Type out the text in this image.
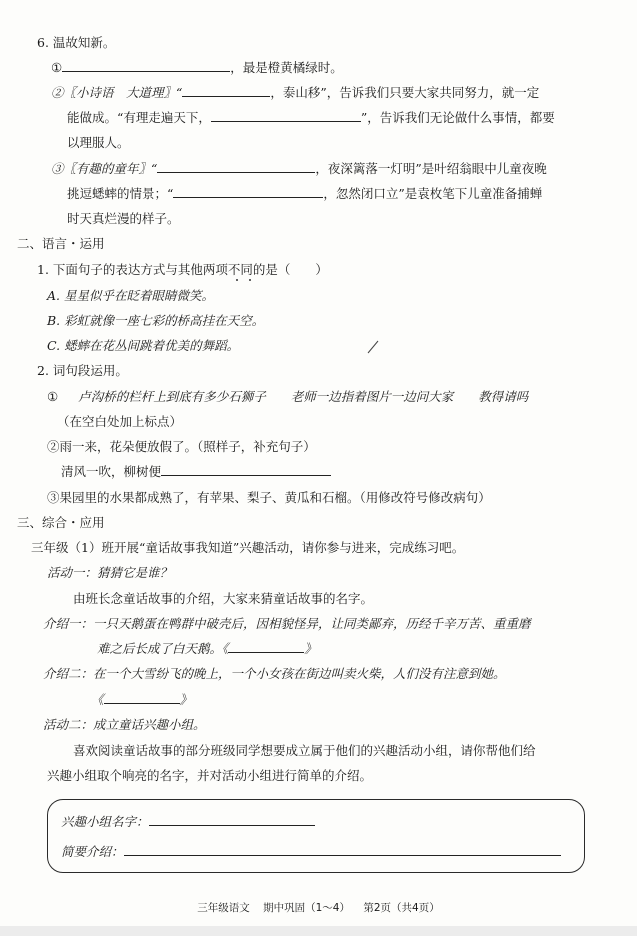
6. 温故知新。
①	，最是橙黄橘绿时。
②〖小诗语　大道理〗“	，泰山移”，告诉我们只要大家共同努力，就一定
能做成。“有理走遍天下，	”，告诉我们无论做什么事情，都要
以理服人。
③〖有趣的童年〗“	，夜深篱落一灯明”是叶绍翁眼中儿童夜晚
挑逗蟋蟀的情景；“	，忽然闭口立”是袁枚笔下儿童准备捕蝉
时天真烂漫的样子。
二、语言・运用
1. 下面句子的表达方式与其他两项不同的是（　　）
A. 星星似乎在眨着眼睛微笑。
B. 彩虹就像一座七彩的桥高挂在天空。
C. 蟋蟀在花丛间跳着优美的舞蹈。
2. 词句段运用。
① 卢沟桥的栏杆上到底有多少石狮子　　老师一边指着图片一边问大家　　教得请吗
（在空白处加上标点）
②雨一来，花朵便放假了。（照样子，补充句子）
清风一吹，柳树便
③果园里的水果都成熟了，有苹果、梨子、黄瓜和石榴。（用修改符号修改病句）
三、综合・应用
三年级（1）班开展“童话故事我知道”兴趣活动，请你参与进来，完成练习吧。
活动一：猜猜它是谁？
由班长念童话故事的介绍，大家来猜童话故事的名字。
介绍一：一只天鹅蛋在鸭群中破壳后，因相貌怪异，让同类鄙弃，历经千辛万苦、重重磨
难之后长成了白天鹅。《	》
介绍二：在一个大雪纷飞的晚上，一个小女孩在街边叫卖火柴，人们没有注意到她。
《	》
活动二：成立童话兴趣小组。
喜欢阅读童话故事的部分班级同学想要成立属于他们的兴趣活动小组，请你帮他们给
兴趣小组取个响亮的名字，并对活动小组进行简单的介绍。
兴趣小组名字：
简要介绍：
三年级语文 期中巩固（1～4） 第2页（共4页）
